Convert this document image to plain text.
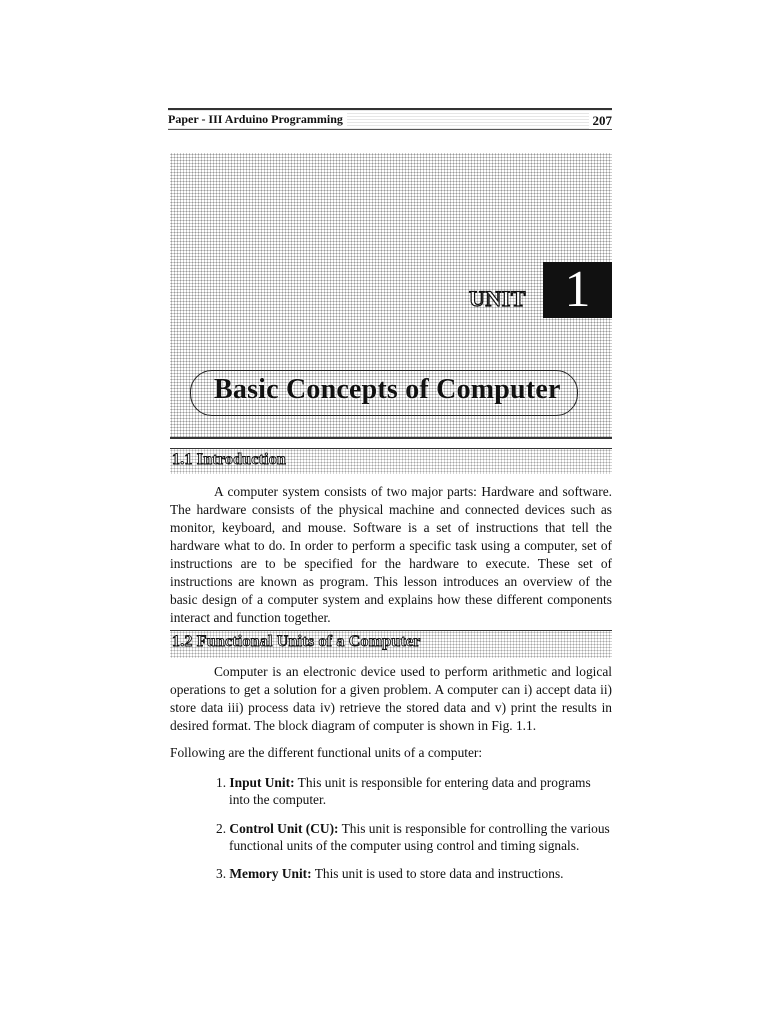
Paper - III Arduino Programming	207
UNIT 1
Basic Concepts of Computer
1.1 Introduction
A computer system consists of two major parts: Hardware and software. The hardware consists of the physical machine and connected devices such as monitor, keyboard, and mouse. Software is a set of instructions that tell the hardware what to do. In order to perform a specific task using a computer, set of instructions are to be specified for the hardware to execute. These set of instructions are known as program. This lesson introduces an overview of the basic design of a computer system and explains how these different components interact and function together.
1.2 Functional Units of a Computer
Computer is an electronic device used to perform arithmetic and logical operations to get a solution for a given problem. A computer can i) accept data ii) store data iii) process data iv) retrieve the stored data and v) print the results in desired format. The block diagram of computer is shown in Fig. 1.1.
Following are the different functional units of a computer:
1. Input Unit: This unit is responsible for entering data and programs
into the computer.
2. Control Unit (CU): This unit is responsible for controlling the various
functional units of the computer using control and timing signals.
3. Memory Unit: This unit is used to store data and instructions.
